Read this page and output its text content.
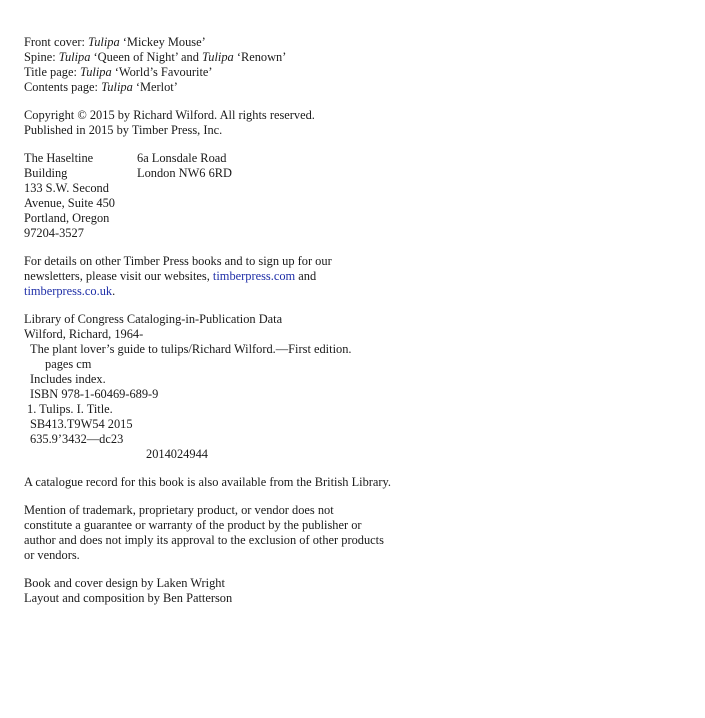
Front cover: Tulipa ‘Mickey Mouse’
Spine: Tulipa ‘Queen of Night’ and Tulipa ‘Renown’
Title page: Tulipa ‘World’s Favourite’
Contents page: Tulipa ‘Merlot’
Copyright © 2015 by Richard Wilford. All rights reserved.
Published in 2015 by Timber Press, Inc.
The Haseltine
Building
133 S.W. Second
Avenue, Suite 450
Portland, Oregon
97204-3527
6a Lonsdale Road
London NW6 6RD
For details on other Timber Press books and to sign up for our
newsletters, please visit our websites, timberpress.com and
timberpress.co.uk.
Library of Congress Cataloging-in-Publication Data
Wilford, Richard, 1964-
The plant lover’s guide to tulips/Richard Wilford.—First edition.
pages cm
Includes index.
ISBN 978-1-60469-689-9
1. Tulips. I. Title.
SB413.T9W54 2015
635.9’3432—dc23
2014024944
A catalogue record for this book is also available from the British Library.
Mention of trademark, proprietary product, or vendor does not
constitute a guarantee or warranty of the product by the publisher or
author and does not imply its approval to the exclusion of other products
or vendors.
Book and cover design by Laken Wright
Layout and composition by Ben Patterson
